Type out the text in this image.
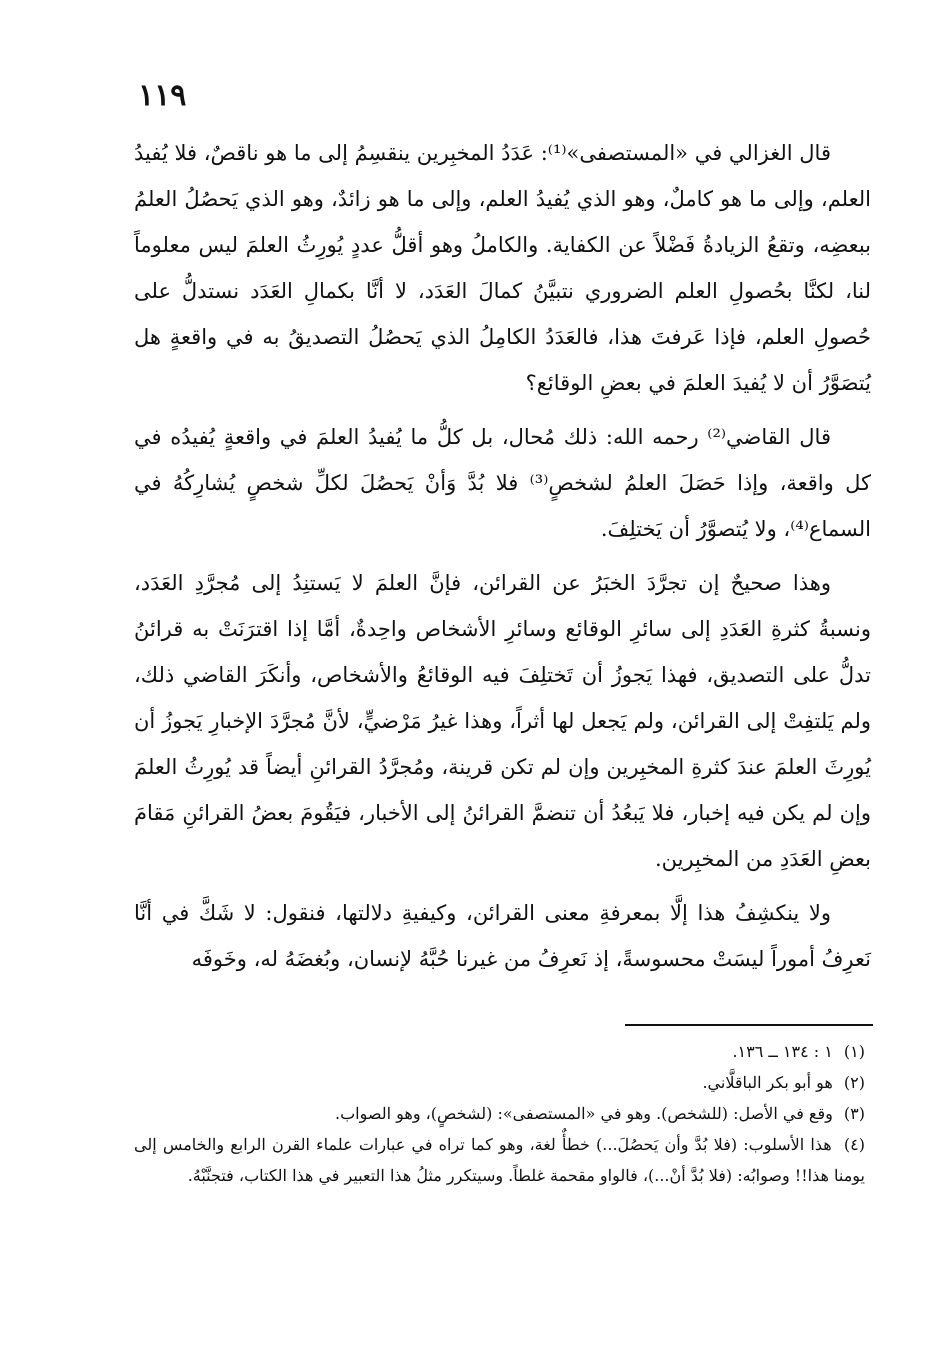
١١٩

قال الغزالي في «المستصفى»⁽¹⁾: عَدَدُ المخبِرين ينقسِمُ إلى ما هو ناقصٌ، فلا يُفيدُ العلم، وإلى ما هو كاملٌ، وهو الذي يُفيدُ العلم، وإلى ما هو زائدٌ، وهو الذي يَحصُلُ العلمُ ببعضِه، وتقعُ الزيادةُ فَضْلاً عن الكفاية. والكاملُ وهو أقلُّ عددٍ يُورِثُ العلمَ ليس معلوماً لنا، لكنَّا بحُصولِ العلم الضروري نتبيَّنُ كمالَ العَدَد، لا أنَّا بكمالِ العَدَد نستدلُّ على حُصولِ العلم، فإذا عَرفتَ هذا، فالعَدَدُ الكامِلُ الذي يَحصُلُ التصديقُ به في واقعةٍ هل يُتصَوَّرُ أن لا يُفيدَ العلمَ في بعضِ الوقائع؟

قال القاضي⁽²⁾ رحمه الله: ذلك مُحال، بل كلُّ ما يُفيدُ العلمَ في واقعةٍ يُفيدُه في كل واقعة، وإذا حَصَلَ العلمُ لشخصٍ⁽³⁾ فلا بُدَّ وَأنْ يَحصُلَ لكلِّ شخصٍ يُشارِكُهُ في السماع⁽⁴⁾، ولا يُتصوَّرُ أن يَختلِفَ.

وهذا صحيحٌ إن تجرَّدَ الخبَرُ عن القرائن، فإنَّ العلمَ لا يَستنِدُ إلى مُجرَّدِ العَدَد، ونسبةُ كثرةِ العَدَدِ إلى سائرِ الوقائع وسائرِ الأشخاص واحِدةٌ، أمَّا إذا اقترَنَتْ به قرائنُ تدلُّ على التصديق، فهذا يَجوزُ أن تَختلِفَ فيه الوقائعُ والأشخاص، وأنكَرَ القاضي ذلك، ولم يَلتفِتْ إلى القرائن، ولم يَجعل لها أثراً، وهذا غيرُ مَرْضيٍّ، لأنَّ مُجرَّدَ الإخبارِ يَجوزُ أن يُورِثَ العلمَ عندَ كثرةِ المخبِرين وإن لم تكن قرينة، ومُجرَّدُ القرائنِ أيضاً قد يُورِثُ العلمَ وإن لم يكن فيه إخبار، فلا يَبعُدُ أن تنضمَّ القرائنُ إلى الأخبار، فيَقُومَ بعضُ القرائنِ مَقامَ بعضِ العَدَدِ من المخبِرين.

ولا ينكشِفُ هذا إلَّا بمعرفةِ معنى القرائن، وكيفيةِ دلالتها، فنقول: لا شَكَّ في أنَّا نَعرِفُ أموراً ليسَتْ محسوسةً، إذ نَعرِفُ من غيرنا حُبَّهُ لإنسان، وبُغضَهُ له، وخَوفَه

(١) ١ : ١٣٤ ــ ١٣٦.

(٢) هو أبو بكر الباقلَّاني.

(٣) وقع في الأصل: (للشخص). وهو في «المستصفى»: (لشخصٍ)، وهو الصواب.

(٤) هذا الأسلوب: (فلا بُدَّ وأن يَحصُلَ...) خطأٌ لغة، وهو كما تراه في عبارات علماء القرن الرابع والخامس إلى يومنا هذا!! وصوابُه: (فلا بُدَّ أنْ...)، فالواو مقحمة غلطاً. وسيتكرر مثلُ هذا التعبير في هذا الكتاب، فتجنَّبْهُ.
